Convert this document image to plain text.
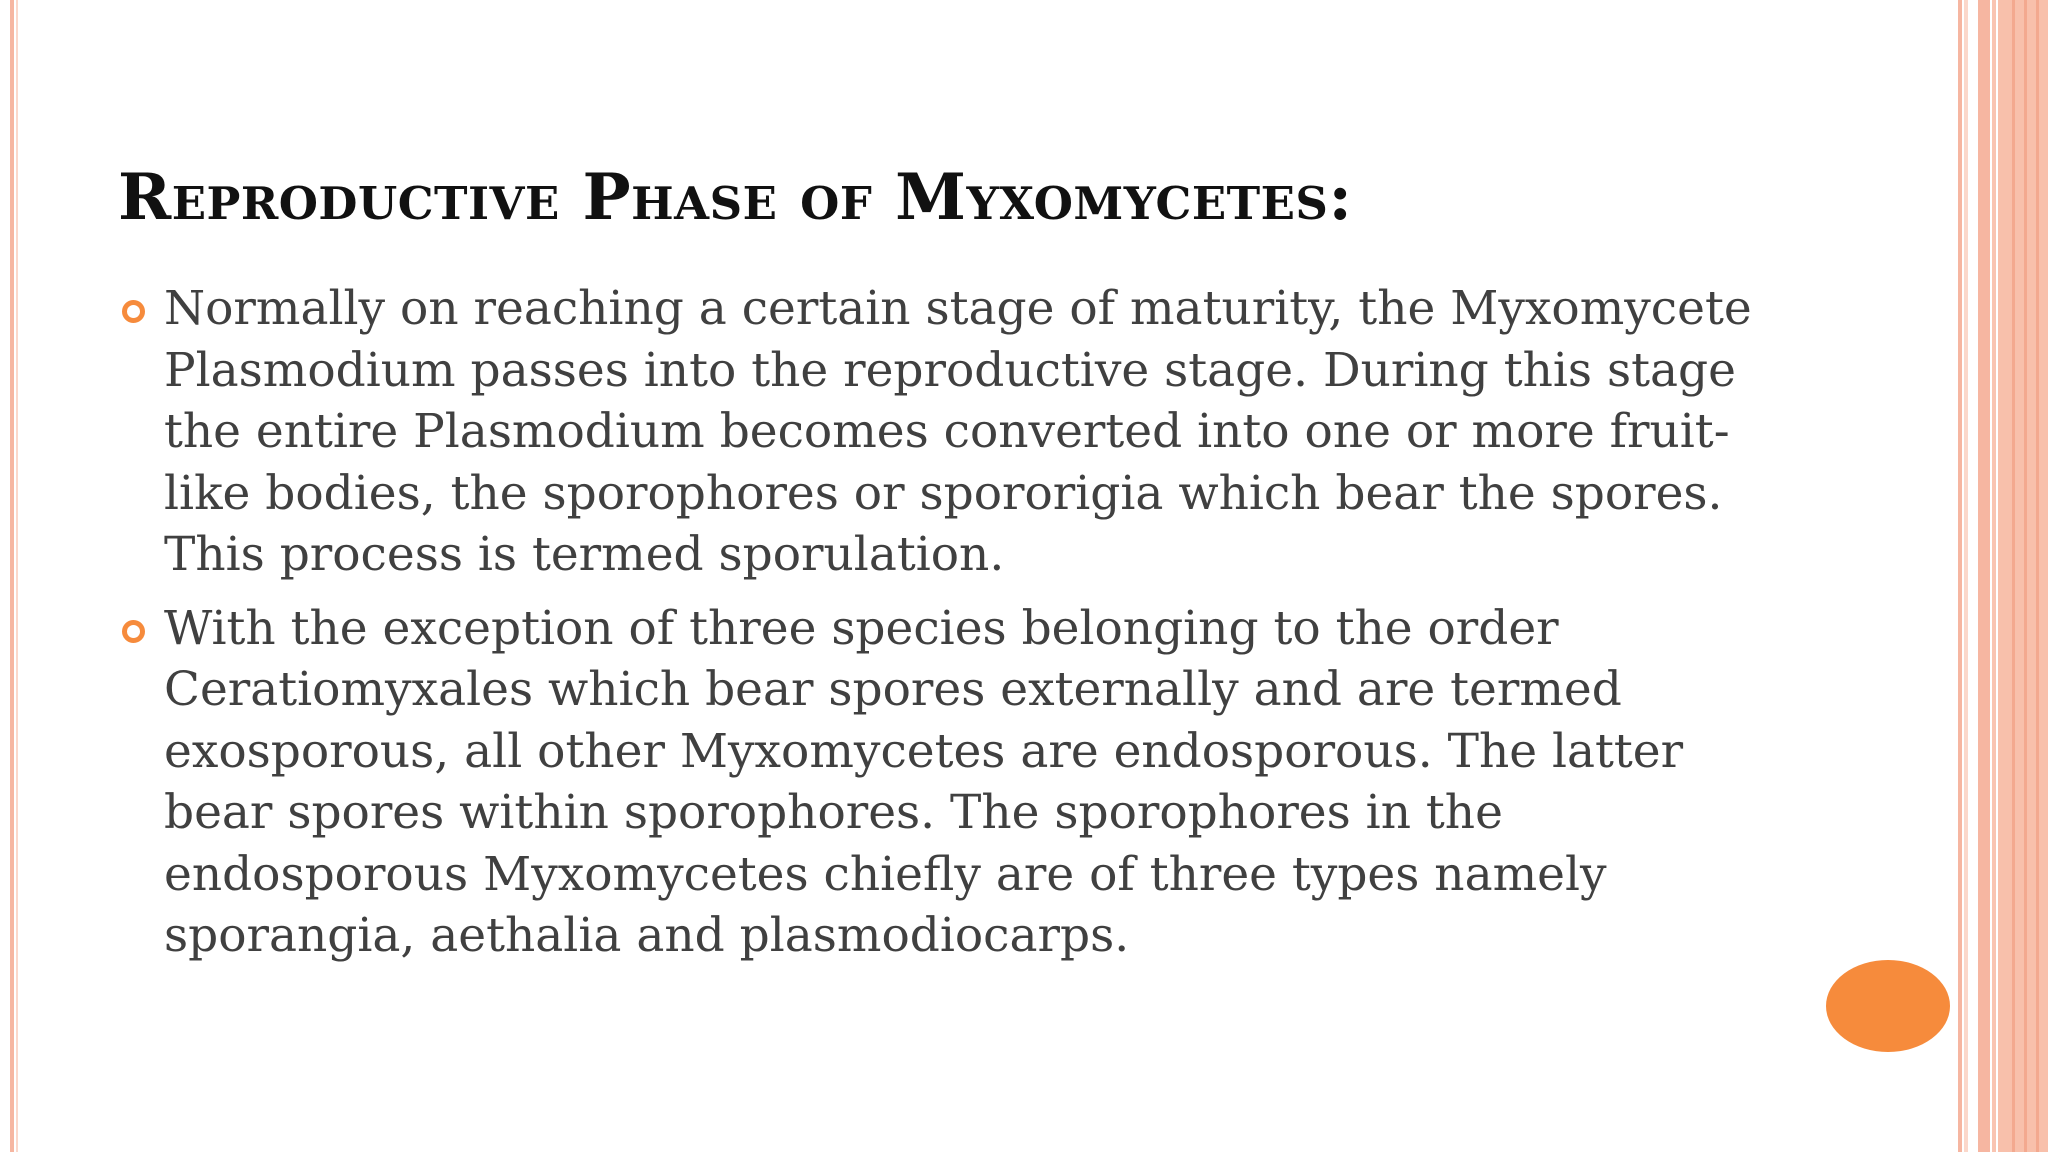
Reproductive Phase of Myxomycetes:

Normally on reaching a certain stage of maturity, the Myxomycete Plasmodium passes into the reproductive stage. During this stage the entire Plasmodium becomes converted into one or more fruit-like bodies, the sporophores or spororigia which bear the spores. This process is termed sporulation.

With the exception of three species belonging to the order Ceratiomyxales which bear spores externally and are termed exosporous, all other Myxomycetes are endosporous. The latter bear spores within sporophores. The sporophores in the endosporous Myxomycetes chiefly are of three types namely sporangia, aethalia and plasmodiocarps.
